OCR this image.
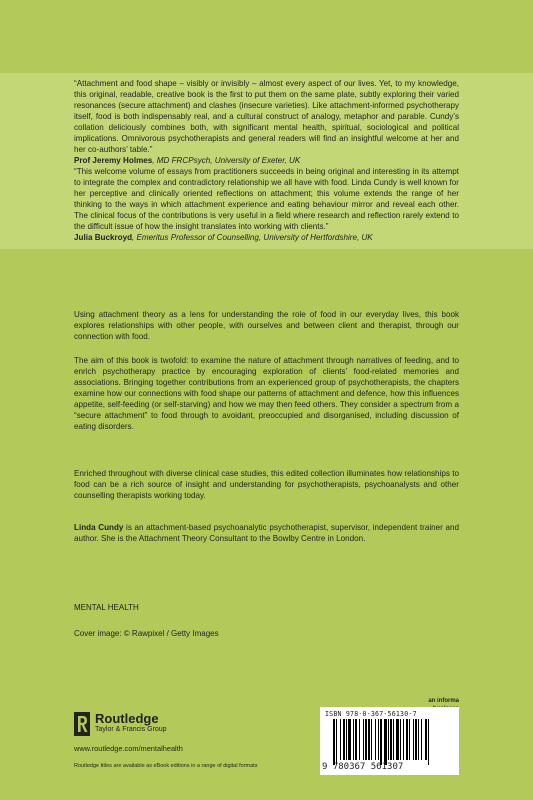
“Attachment and food shape – visibly or invisibly – almost every aspect of our lives. Yet, to my knowledge, this original, readable, creative book is the first to put them on the same plate, subtly exploring their varied resonances (secure attachment) and clashes (insecure varieties). Like attachment-informed psychotherapy itself, food is both indispensably real, and a cultural construct of analogy, metaphor and parable. Cundy’s collation deliciously combines both, with significant mental health, spiritual, sociological and political implications. Omnivorous psychotherapists and general readers will find an insightful welcome at her and her co-authors’ table.”

Prof Jeremy Holmes, MD FRCPsych, University of Exeter, UK

“This welcome volume of essays from practitioners succeeds in being original and interesting in its attempt to integrate the complex and contradictory relationship we all have with food. Linda Cundy is well known for her perceptive and clinically oriented reflections on attachment; this volume extends the range of her thinking to the ways in which attachment experience and eating behaviour mirror and reveal each other. The clinical focus of the contributions is very useful in a field where research and reflection rarely extend to the difficult issue of how the insight translates into working with clients.”

Julia Buckroyd, Emeritus Professor of Counselling, University of Hertfordshire, UK

Using attachment theory as a lens for understanding the role of food in our everyday lives, this book explores relationships with other people, with ourselves and between client and therapist, through our connection with food.

The aim of this book is twofold: to examine the nature of attachment through narratives of feeding, and to enrich psychotherapy practice by encouraging exploration of clients’ food-related memories and associations. Bringing together contributions from an experienced group of psychotherapists, the chapters examine how our connections with food shape our patterns of attachment and defence, how this influences appetite, self-feeding (or self-starving) and how we may then feed others. They consider a spectrum from a “secure attachment” to food through to avoidant, preoccupied and disorganised, including discussion of eating disorders.

Enriched throughout with diverse clinical case studies, this edited collection illuminates how relationships to food can be a rich source of insight and understanding for psychotherapists, psychoanalysts and other counselling therapists working today.

Linda Cundy is an attachment-based psychoanalytic psychotherapist, supervisor, independent trainer and author. She is the Attachment Theory Consultant to the Bowlby Centre in London.

MENTAL HEALTH
Cover image: © Rawpixel / Getty Images
Routledge
Taylor & Francis Group
www.routledge.com/mentalhealth
Routledge titles are available as eBook editions in a range of digital formats
an informa
ISBN 978-0-367-56130-7
9 780367 561307
